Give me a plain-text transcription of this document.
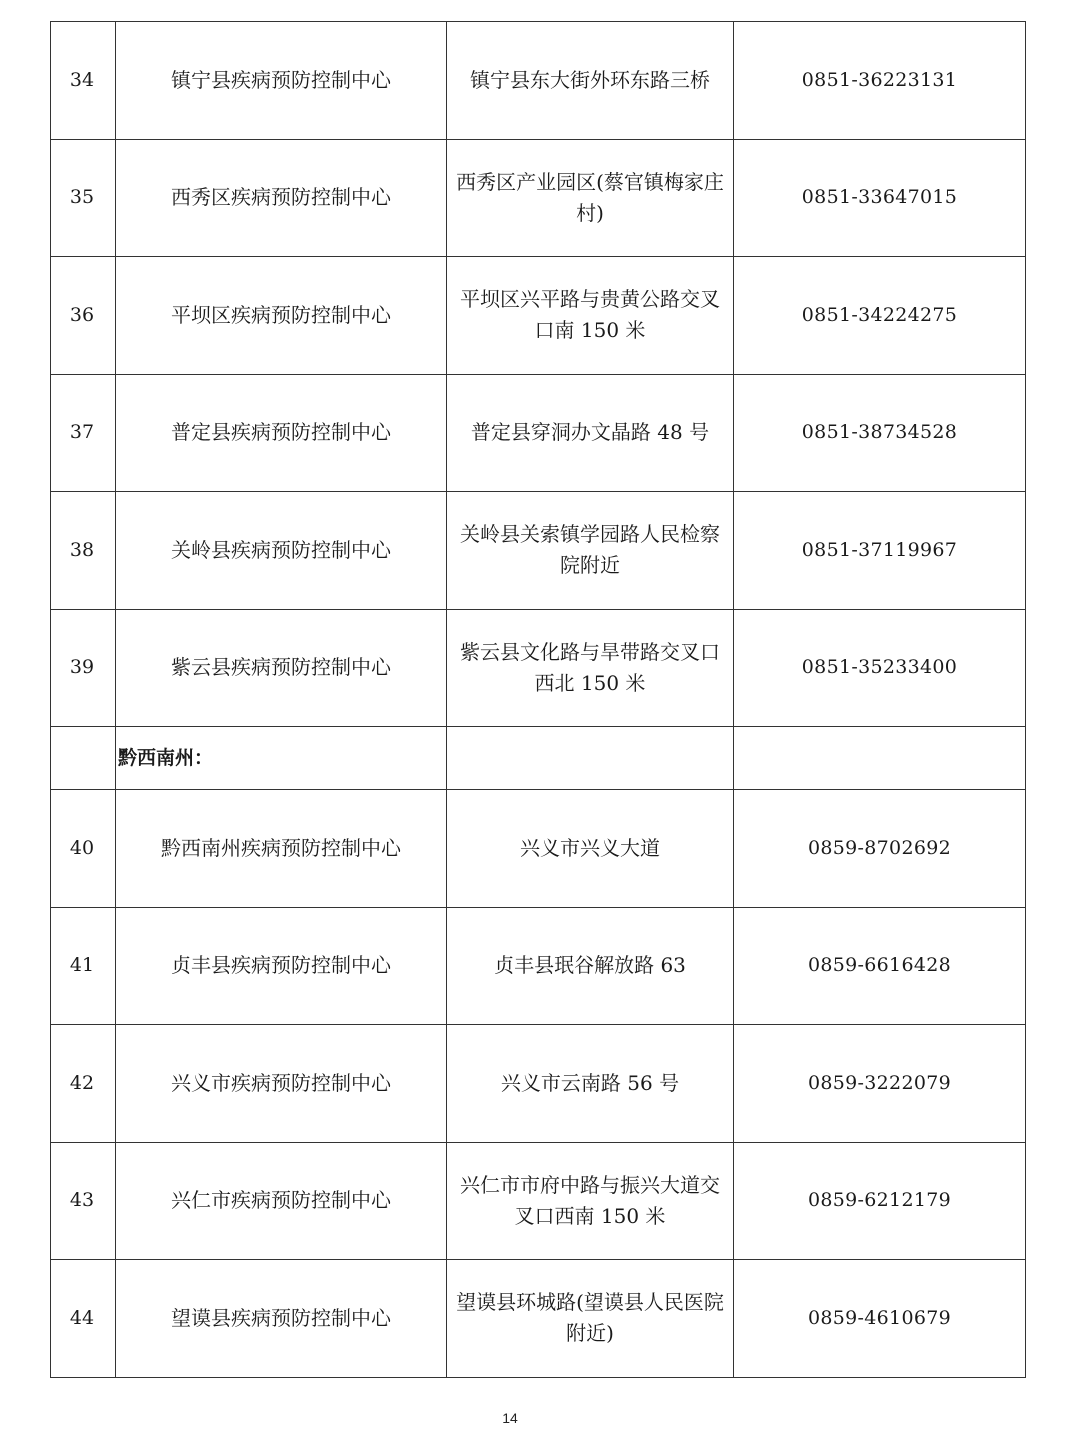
34	镇宁县疾病预防控制中心	镇宁县东大街外环东路三桥	0851-36223131
35	西秀区疾病预防控制中心	西秀区产业园区(蔡官镇梅家庄村)	0851-33647015
36	平坝区疾病预防控制中心	平坝区兴平路与贵黄公路交叉口南 150 米	0851-34224275
37	普定县疾病预防控制中心	普定县穿洞办文晶路 48 号	0851-38734528
38	关岭县疾病预防控制中心	关岭县关索镇学园路人民检察院附近	0851-37119967
39	紫云县疾病预防控制中心	紫云县文化路与旱带路交叉口西北 150 米	0851-35233400
	黔西南州：		
40	黔西南州疾病预防控制中心	兴义市兴义大道	0859-8702692
41	贞丰县疾病预防控制中心	贞丰县珉谷解放路 63	0859-6616428
42	兴义市疾病预防控制中心	兴义市云南路 56 号	0859-3222079
43	兴仁市疾病预防控制中心	兴仁市市府中路与振兴大道交叉口西南 150 米	0859-6212179
44	望谟县疾病预防控制中心	望谟县环城路(望谟县人民医院附近)	0859-4610679
14
